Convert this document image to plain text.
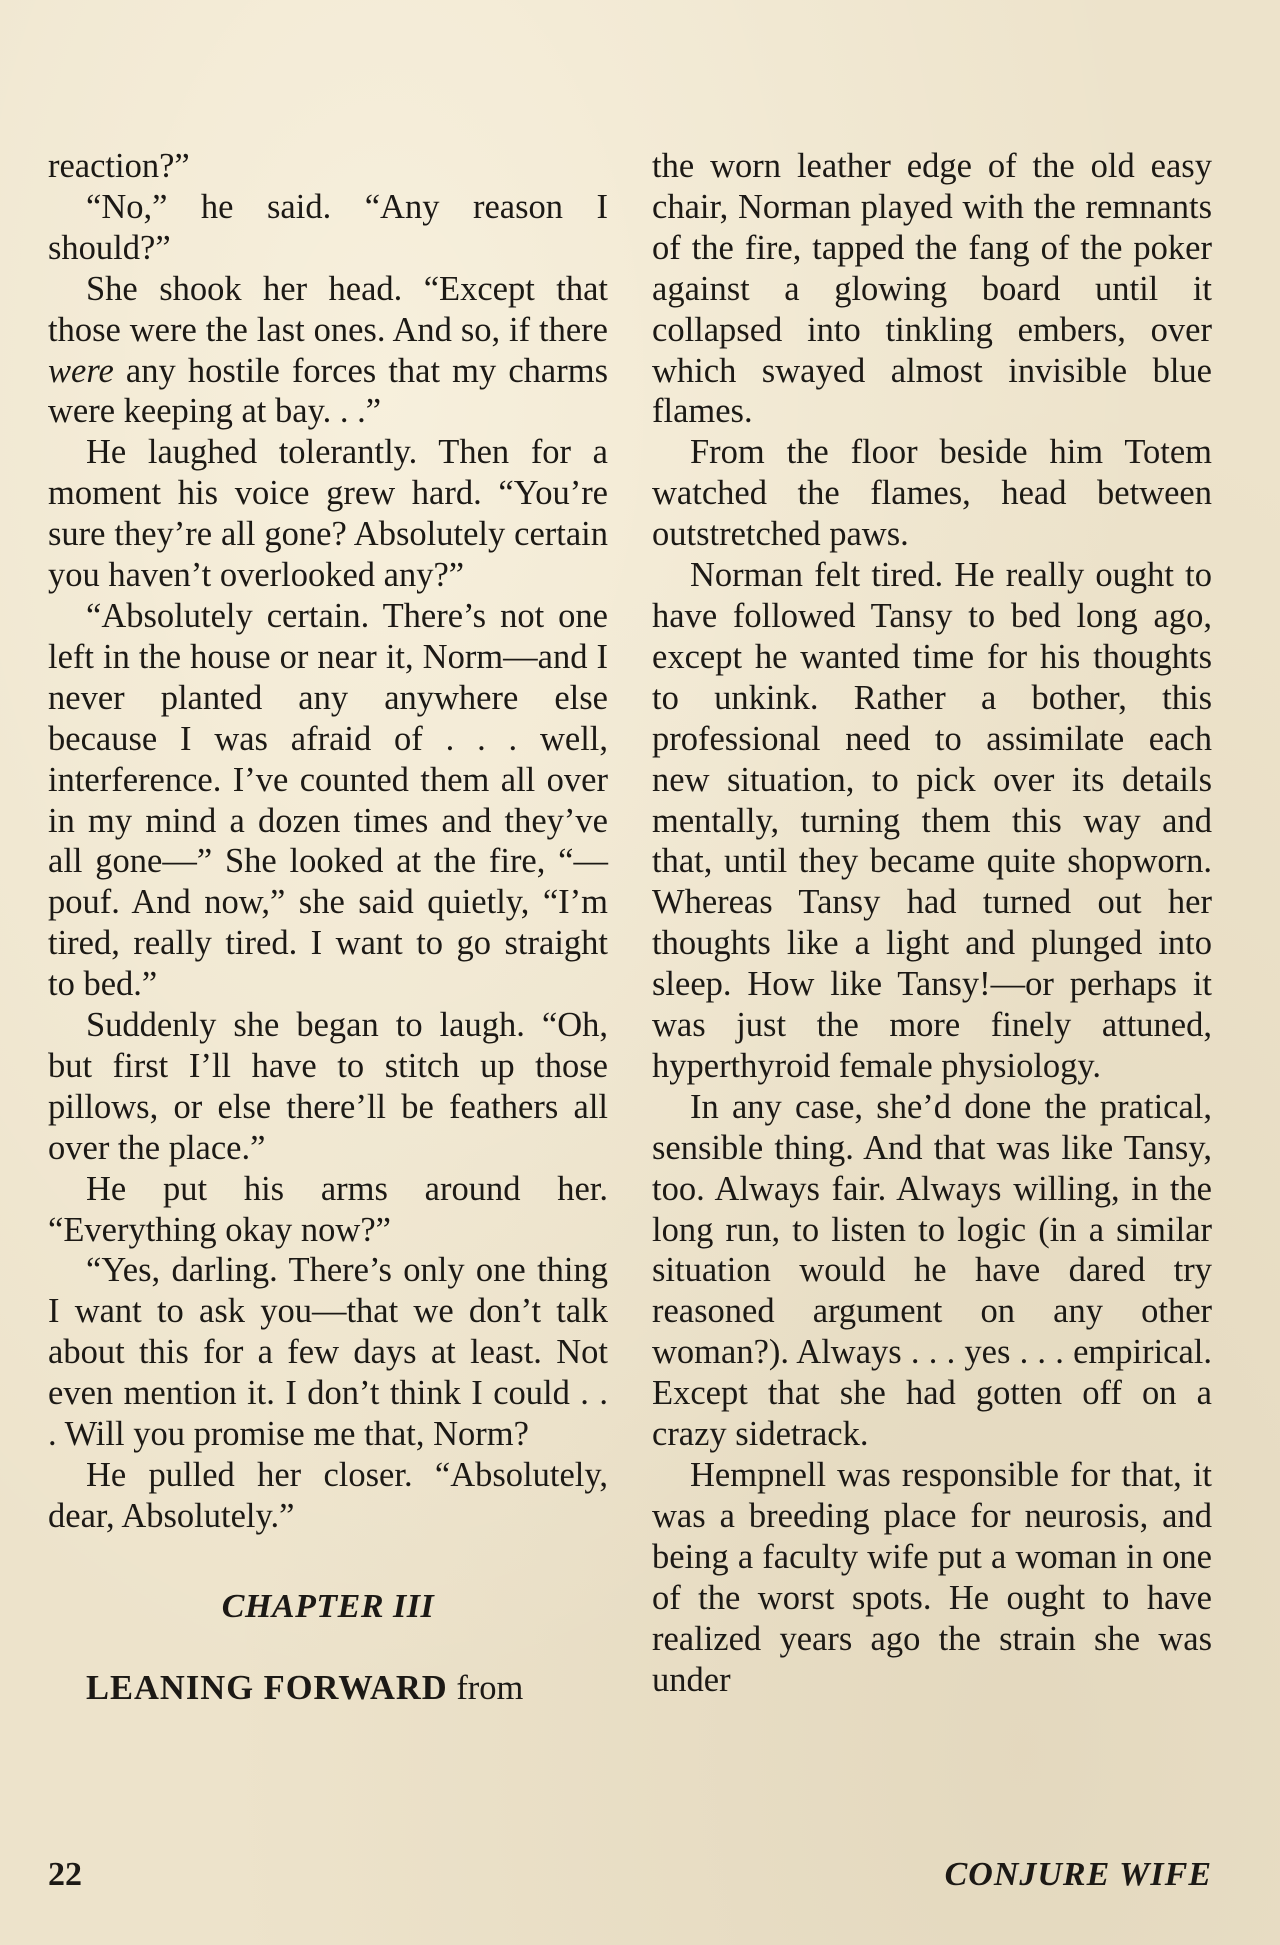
reaction?”

“No,” he said. “Any reason I should?”

She shook her head. “Except that those were the last ones. And so, if there were any hostile forces that my charms were keeping at bay. . .”

He laughed tolerantly. Then for a moment his voice grew hard. “You’re sure they’re all gone? Absolutely certain you haven’t overlooked any?”

“Absolutely certain. There’s not one left in the house or near it, Norm—and I never planted any anywhere else because I was afraid of . . . well, interference. I’ve counted them all over in my mind a dozen times and they’ve all gone—” She looked at the fire, “—pouf. And now,” she said quietly, “I’m tired, really tired. I want to go straight to bed.”

Suddenly she began to laugh. “Oh, but first I’ll have to stitch up those pillows, or else there’ll be feathers all over the place.”

He put his arms around her. “Everything okay now?”

“Yes, darling. There’s only one thing I want to ask you—that we don’t talk about this for a few days at least. Not even mention it. I don’t think I could . . . Will you promise me that, Norm?

He pulled her closer. “Absolutely, dear, Absolutely.”

CHAPTER III

LEANING FORWARD from

the worn leather edge of the old easy chair, Norman played with the remnants of the fire, tapped the fang of the poker against a glowing board until it collapsed into tinkling embers, over which swayed almost invisible blue flames.

From the floor beside him Totem watched the flames, head between outstretched paws.

Norman felt tired. He really ought to have followed Tansy to bed long ago, except he wanted time for his thoughts to unkink. Rather a bother, this professional need to assimilate each new situation, to pick over its details mentally, turning them this way and that, until they became quite shopworn. Whereas Tansy had turned out her thoughts like a light and plunged into sleep. How like Tansy!—or perhaps it was just the more finely attuned, hyperthyroid female physiology.

In any case, she’d done the pratical, sensible thing. And that was like Tansy, too. Always fair. Always willing, in the long run, to listen to logic (in a similar situation would he have dared try reasoned argument on any other woman?). Always . . . yes . . . empirical. Except that she had gotten off on a crazy sidetrack.

Hempnell was responsible for that, it was a breeding place for neurosis, and being a faculty wife put a woman in one of the worst spots. He ought to have realized years ago the strain she was under

22	CONJURE WIFE
